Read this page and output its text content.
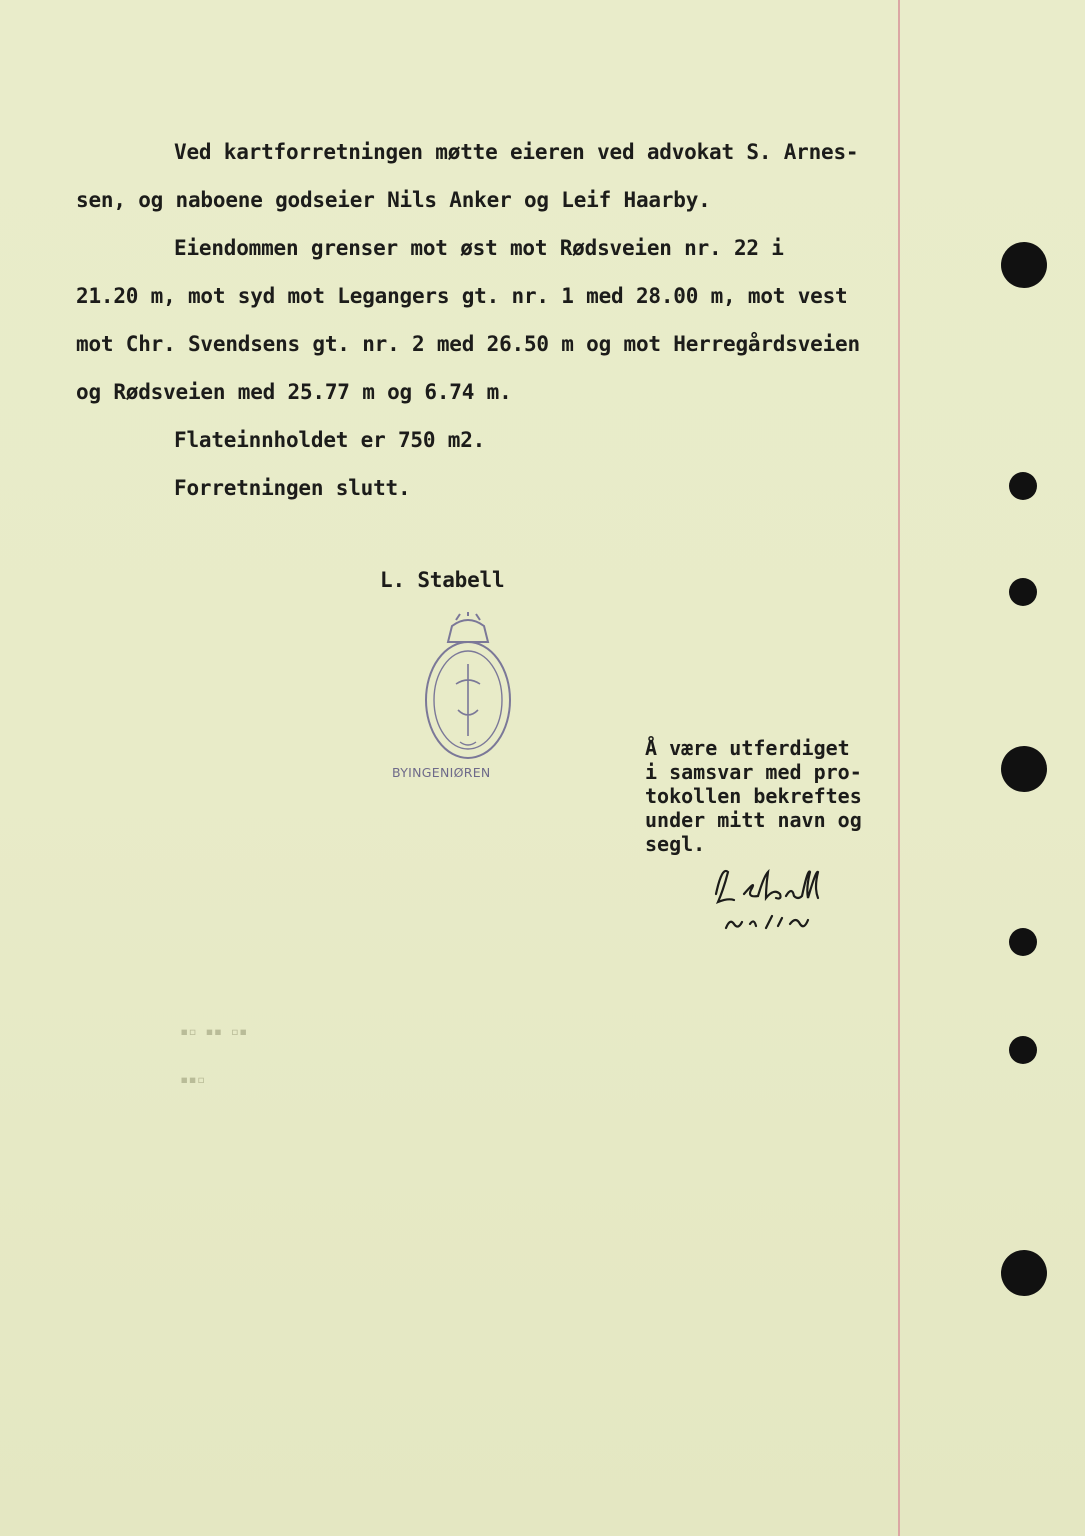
▪▫ ▪▪ ▫▪
▪▪▫
Ved kartforretningen møtte eieren ved advokat S. Arnes-
sen, og naboene godseier Nils Anker og Leif Haarby.
Eiendommen grenser mot øst mot Rødsveien nr. 22 i
21.20 m, mot syd mot Legangers gt. nr. 1 med 28.00 m, mot vest
mot Chr. Svendsens gt. nr. 2 med 26.50 m og mot Herregårdsveien
og Rødsveien med 25.77 m og 6.74 m.
Flateinnholdet er 750 m2.
Forretningen slutt.
L. Stabell
BYINGENIØREN
Å være utferdiget
i samsvar med pro-
tokollen bekreftes
under mitt navn og
segl.
